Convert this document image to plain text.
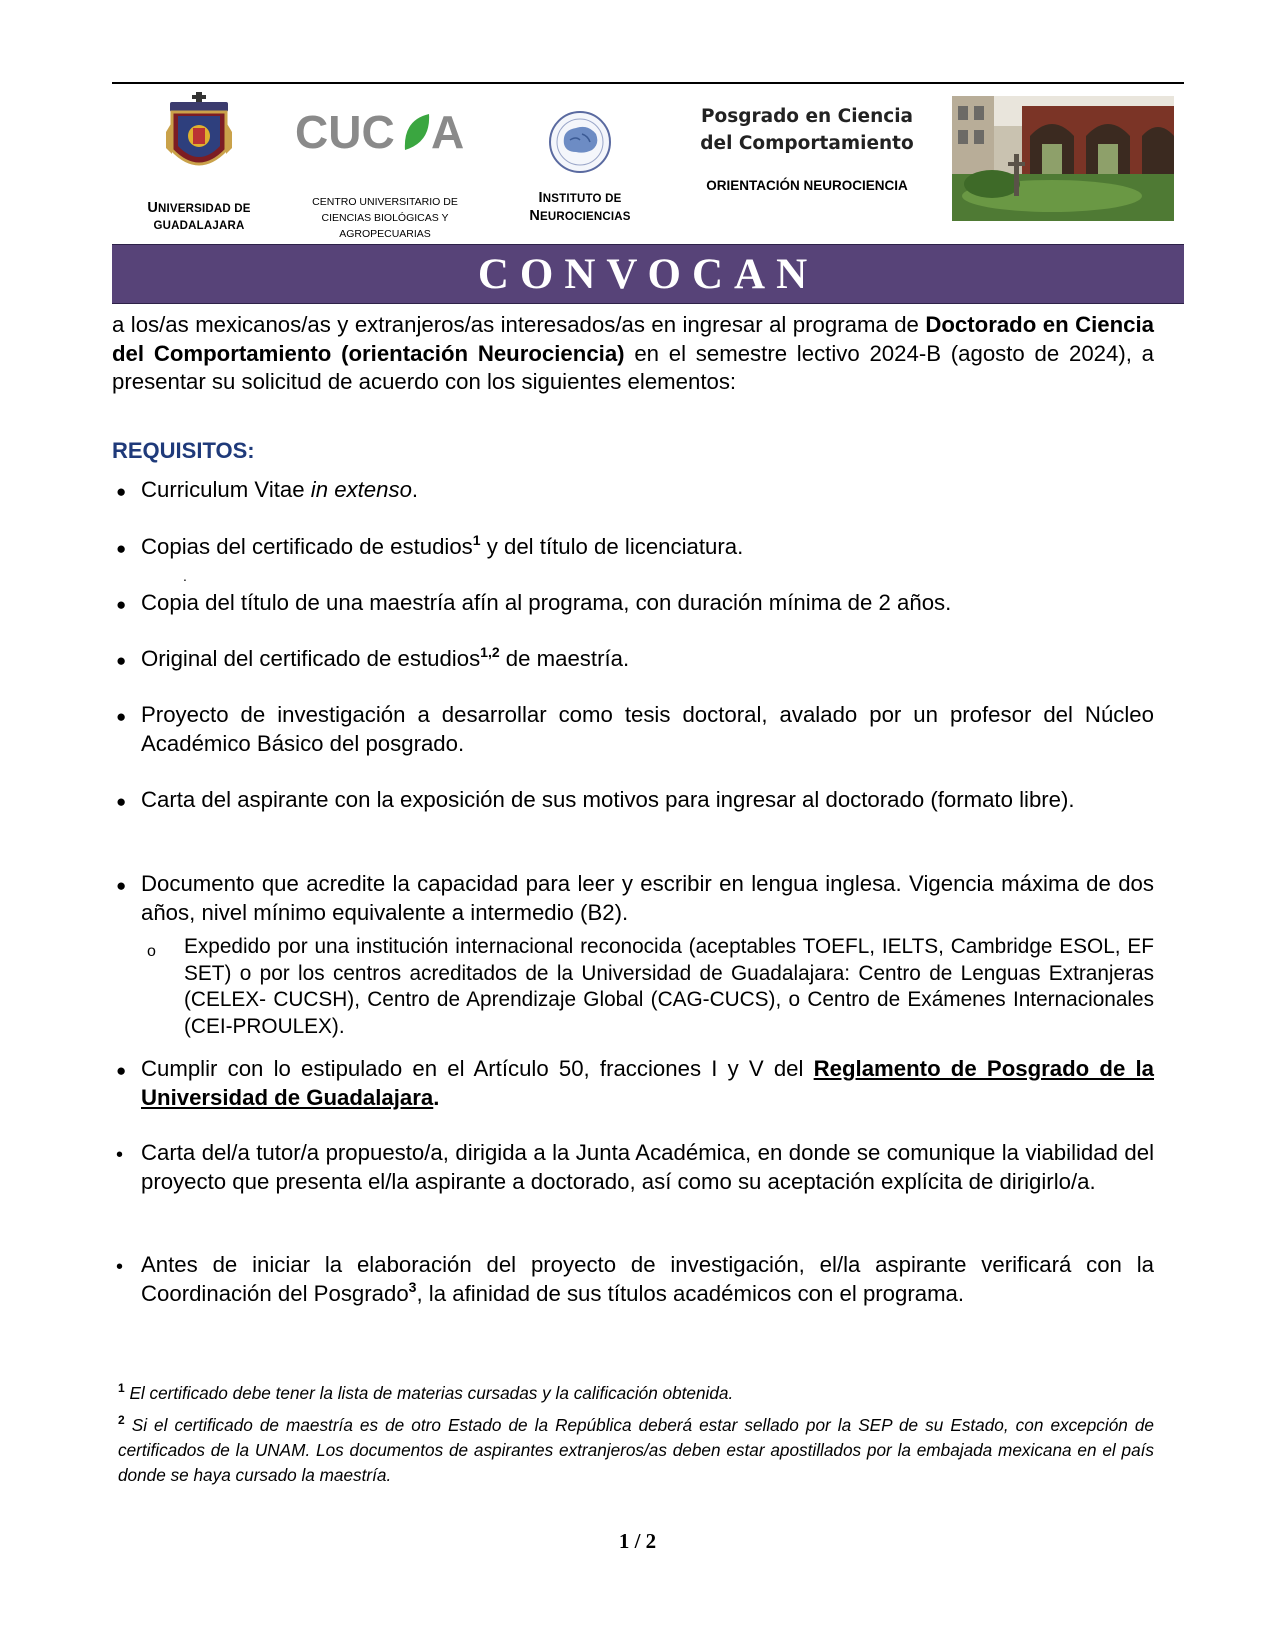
UNIVERSIDAD DE
GUADALAJARA
CUC A
CENTRO UNIVERSITARIO DE
CIENCIAS BIOLÓGICAS Y
AGROPECUARIAS
INSTITUTO DE
NEUROCIENCIAS
Posgrado en Ciencia
del Comportamiento
ORIENTACIÓN NEUROCIENCIA
CONVOCAN
a los/as mexicanos/as y extranjeros/as interesados/as en ingresar al programa de Doctorado en Ciencia del Comportamiento (orientación Neurociencia) en el semestre lectivo 2024-B (agosto de 2024), a presentar su solicitud de acuerdo con los siguientes elementos:
REQUISITOS:
● Curriculum Vitae in extenso.
● Copias del certificado de estudios$^1$ y del título de licenciatura.
.
● Copia del título de una maestría afín al programa, con duración mínima de 2 años.
● Original del certificado de estudios$^{1,2}$ de maestría.
● Proyecto de investigación a desarrollar como tesis doctoral, avalado por un profesor del Núcleo Académico Básico del posgrado.
● Carta del aspirante con la exposición de sus motivos para ingresar al doctorado (formato libre).
● Documento que acredite la capacidad para leer y escribir en lengua inglesa. Vigencia máxima de dos años, nivel mínimo equivalente a intermedio (B2).
o Expedido por una institución internacional reconocida (aceptables TOEFL, IELTS, Cambridge ESOL, EF SET) o por los centros acreditados de la Universidad de Guadalajara: Centro de Lenguas Extranjeras (CELEX- CUCSH), Centro de Aprendizaje Global (CAG-CUCS), o Centro de Exámenes Internacionales (CEI-PROULEX).
● Cumplir con lo estipulado en el Artículo 50, fracciones I y V del Reglamento de Posgrado de la Universidad de Guadalajara.
• Carta del/a tutor/a propuesto/a, dirigida a la Junta Académica, en donde se comunique la viabilidad del proyecto que presenta el/la aspirante a doctorado, así como su aceptación explícita de dirigirlo/a.
• Antes de iniciar la elaboración del proyecto de investigación, el/la aspirante verificará con la Coordinación del Posgrado$^3$, la afinidad de sus títulos académicos con el programa.
$^1$ El certificado debe tener la lista de materias cursadas y la calificación obtenida.
$^2$ Si el certificado de maestría es de otro Estado de la República deberá estar sellado por la SEP de su Estado, con excepción de certificados de la UNAM. Los documentos de aspirantes extranjeros/as deben estar apostillados por la embajada mexicana en el país donde se haya cursado la maestría.
1 / 2
